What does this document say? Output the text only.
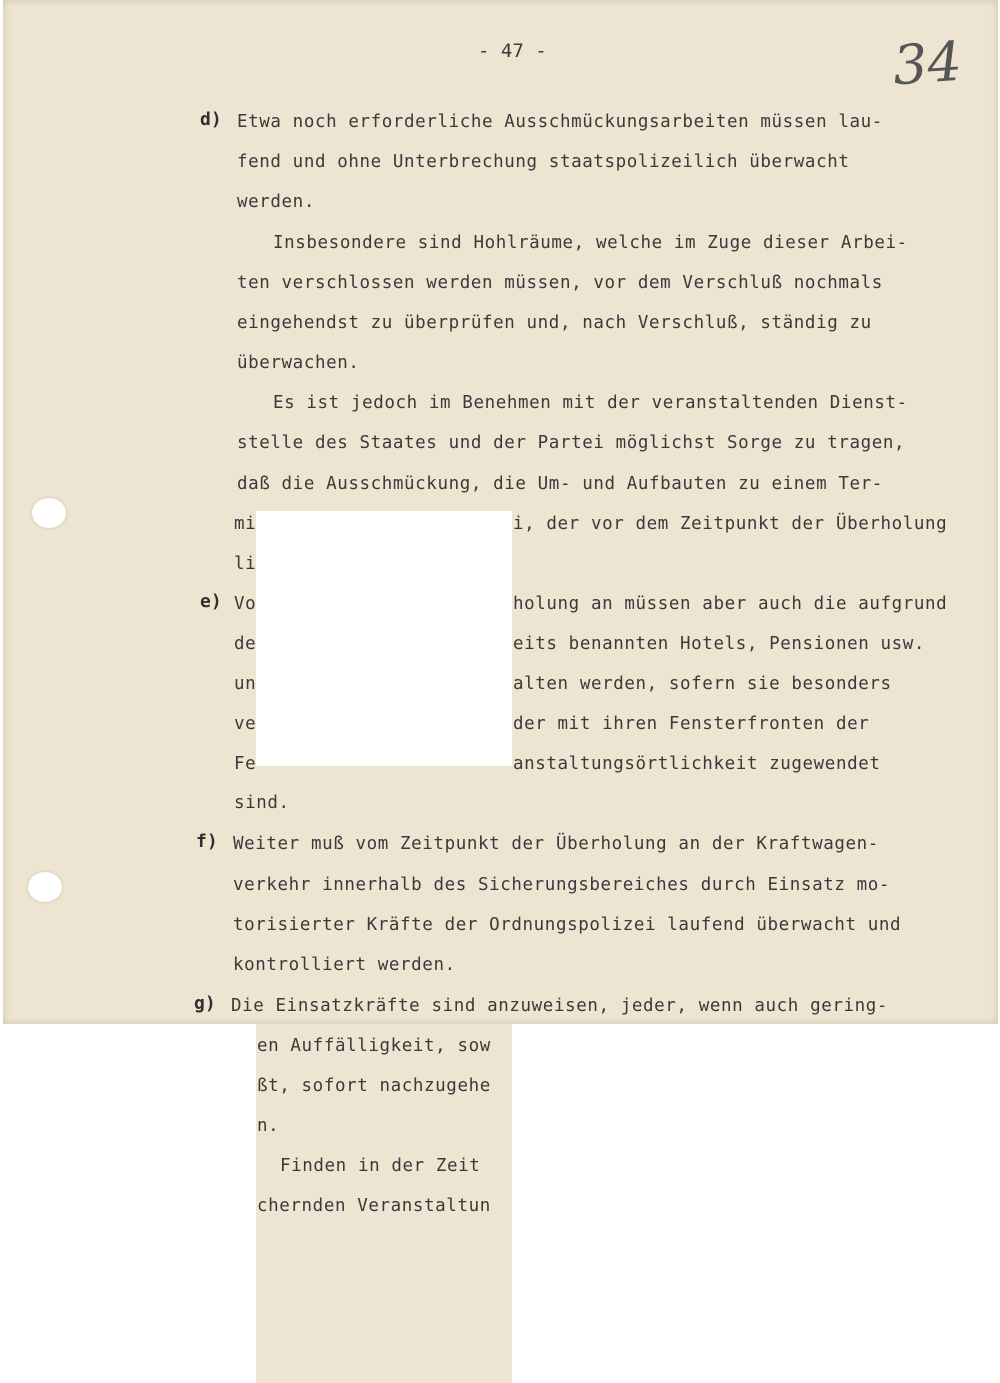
- 47 -	34
d) Etwa noch erforderliche Ausschmückungsarbeiten müssen lau-
fend und ohne Unterbrechung staatspolizeilich überwacht
werden.
Insbesondere sind Hohlräume, welche im Zuge dieser Arbei-
ten verschlossen werden müssen, vor dem Verschluß nochmals
eingehendst zu überprüfen und, nach Verschluß, ständig zu
überwachen.
Es ist jedoch im Benehmen mit der veranstaltenden Dienst-
stelle des Staates und der Partei möglichst Sorge zu tragen,
daß die Ausschmückung, die Um- und Aufbauten zu einem Ter-
mi	i, der vor dem Zeitpunkt der Überholung
li
e) Vo	holung an müssen aber auch die aufgrund
de	eits benannten Hotels, Pensionen usw.
un	alten werden, sofern sie besonders
ve	der mit ihren Fensterfronten der
Fe	anstaltungsörtlichkeit zugewendet
sind.
f) Weiter muß vom Zeitpunkt der Überholung an der Kraftwagen-
verkehr innerhalb des Sicherungsbereiches durch Einsatz mo-
torisierter Kräfte der Ordnungspolizei laufend überwacht und
kontrolliert werden.
g) Die Einsatzkräfte sind anzuweisen, jeder, wenn auch gering-
en Auffälligkeit, sow
ßt, sofort nachzugehe
n.
Finden in der Zeit
chernden Veranstaltun
